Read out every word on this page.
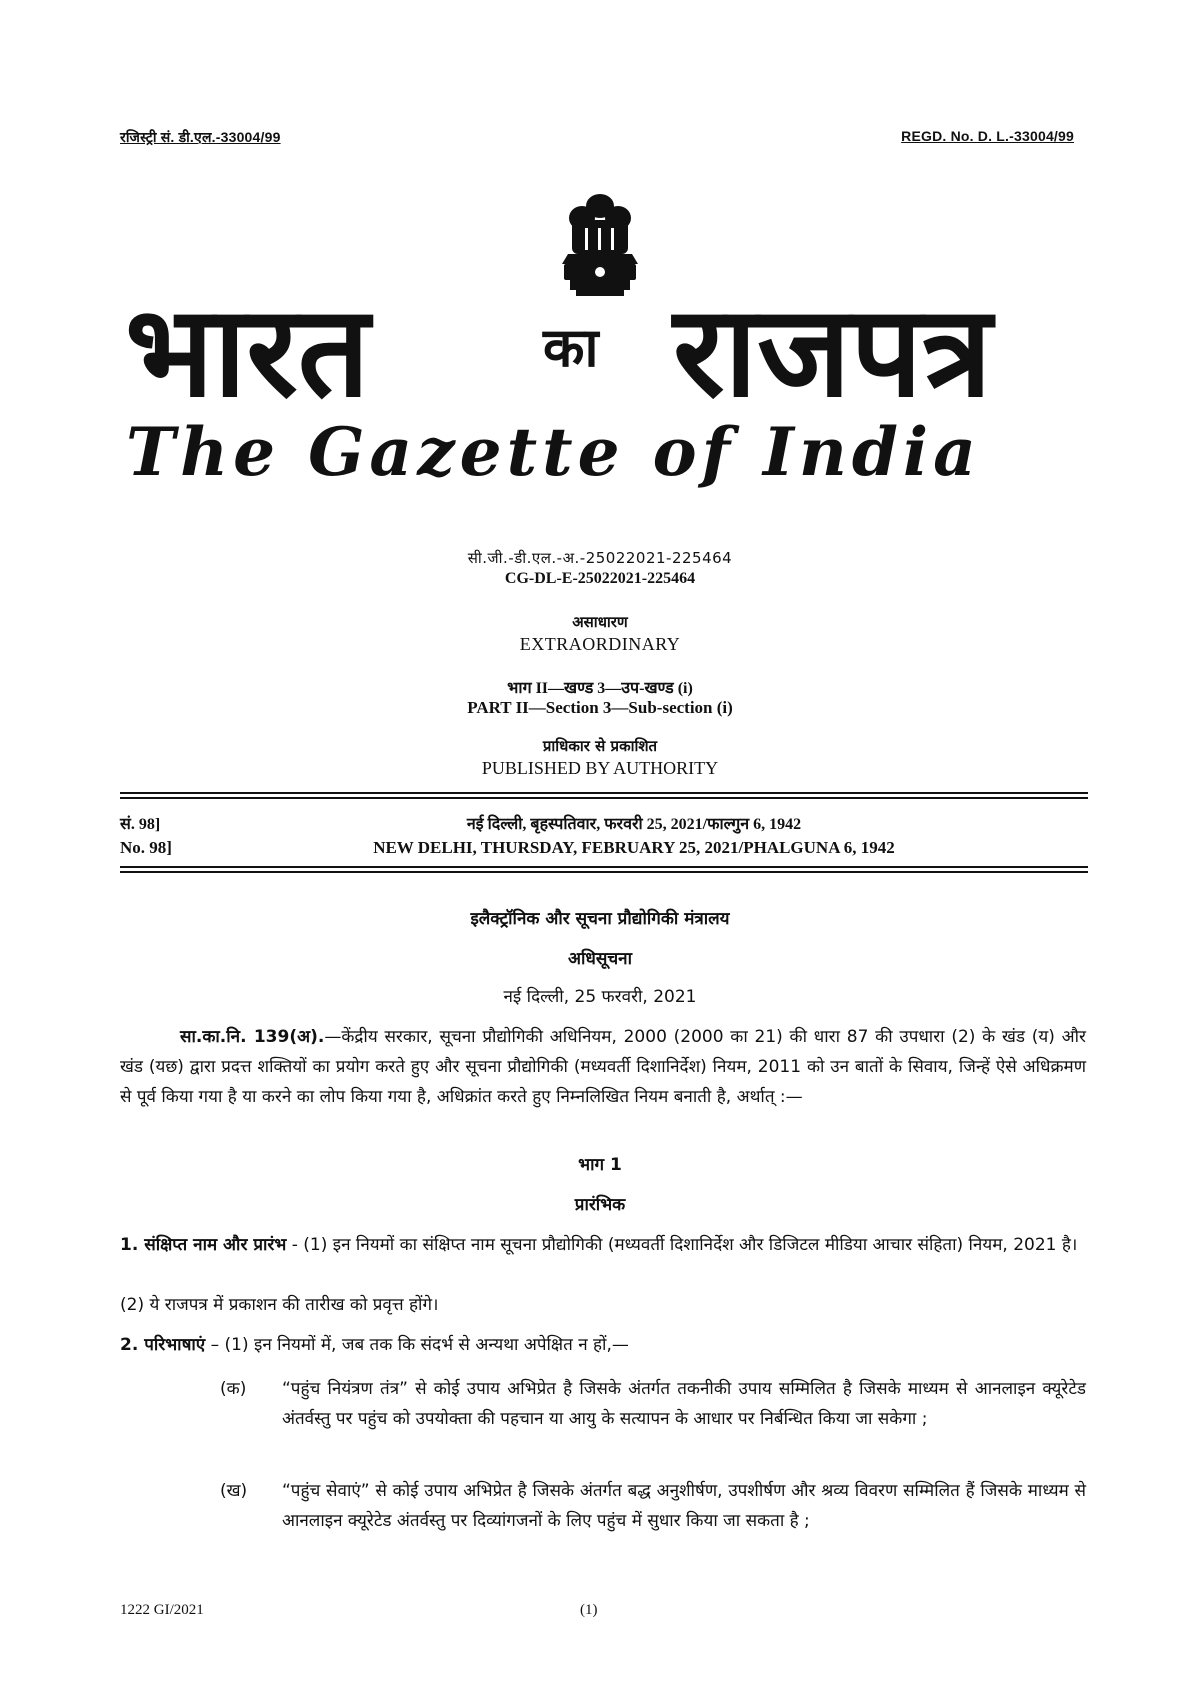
रजिस्ट्री सं. डी.एल.-33004/99	REGD. No. D. L.-33004/99
भारत	का राजपत्र
The Gazette of India
सी.जी.-डी.एल.-अ.-25022021-225464
CG-DL-E-25022021-225464
असाधारण
EXTRAORDINARY
भाग II—खण्ड 3—उप-खण्ड (i)
PART II—Section 3—Sub-section (i)
प्राधिकार से प्रकाशित
PUBLISHED BY AUTHORITY
सं. 98]	नई दिल्ली, बृहस्पतिवार, फरवरी 25, 2021/फाल्गुन 6, 1942
No. 98]	NEW DELHI, THURSDAY, FEBRUARY 25, 2021/PHALGUNA 6, 1942
इलैक्ट्रॉनिक और सूचना प्रौद्योगिकी मंत्रालय
अधिसूचना
नई दिल्ली, 25 फरवरी, 2021
सा.का.नि. 139(अ).—केंद्रीय सरकार, सूचना प्रौद्योगिकी अधिनियम, 2000 (2000 का 21) की धारा 87 की उपधारा (2) के खंड (य) और खंड (यछ) द्वारा प्रदत्त शक्तियों का प्रयोग करते हुए और सूचना प्रौद्योगिकी (मध्यवर्ती दिशानिर्देश) नियम, 2011 को उन बातों के सिवाय, जिन्हें ऐसे अधिक्रमण से पूर्व किया गया है या करने का लोप किया गया है, अधिक्रांत करते हुए निम्नलिखित नियम बनाती है, अर्थात् :—
भाग 1
प्रारंभिक
1. संक्षिप्त नाम और प्रारंभ - (1) इन नियमों का संक्षिप्त नाम सूचना प्रौद्योगिकी (मध्यवर्ती दिशानिर्देश और डिजिटल मीडिया आचार संहिता) नियम, 2021 है।
(2) ये राजपत्र में प्रकाशन की तारीख को प्रवृत्त होंगे।
2. परिभाषाएं – (1) इन नियमों में, जब तक कि संदर्भ से अन्यथा अपेक्षित न हों,—
(क)	“पहुंच नियंत्रण तंत्र” से कोई उपाय अभिप्रेत है जिसके अंतर्गत तकनीकी उपाय सम्मिलित है जिसके माध्यम से आनलाइन क्यूरेटेड अंतर्वस्तु पर पहुंच को उपयोक्ता की पहचान या आयु के सत्यापन के आधार पर निर्बन्धित किया जा सकेगा ;
(ख)	“पहुंच सेवाएं” से कोई उपाय अभिप्रेत है जिसके अंतर्गत बद्ध अनुशीर्षण, उपशीर्षण और श्रव्य विवरण सम्मिलित हैं जिसके माध्यम से आनलाइन क्यूरेटेड अंतर्वस्तु पर दिव्यांगजनों के लिए पहुंच में सुधार किया जा सकता है ;
1222 GI/2021	(1)
